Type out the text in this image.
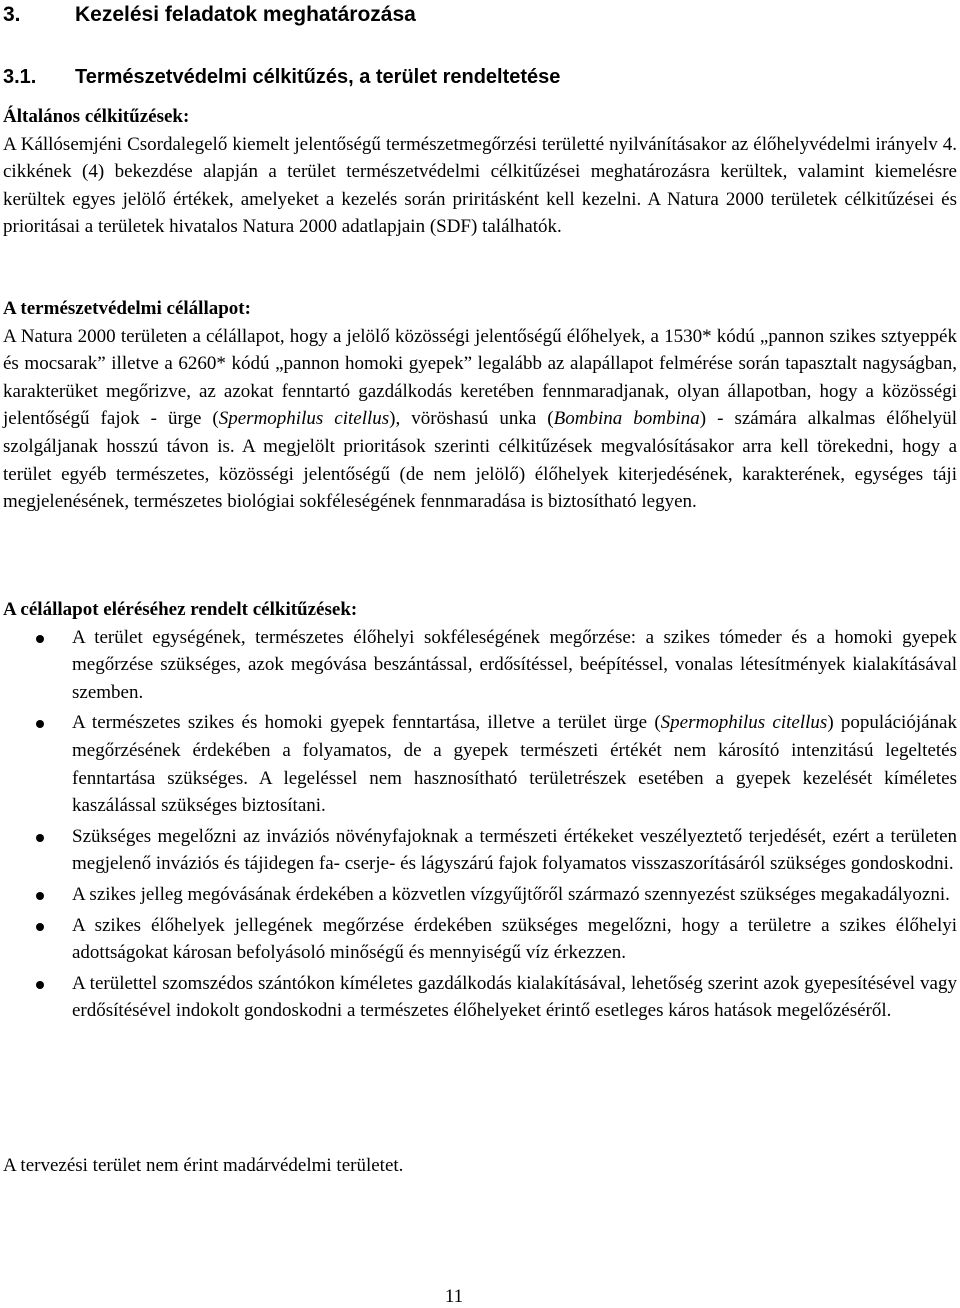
3.	Kezelési feladatok meghatározása
3.1. Természetvédelmi célkitűzés, a terület rendeltetése

Általános célkitűzések:

A Kállósemjéni Csordalegelő kiemelt jelentőségű természetmegőrzési területté nyilvánításakor az élőhelyvédelmi irányelv 4. cikkének (4) bekezdése alapján a terület természetvédelmi célkitűzései meghatározásra kerültek, valamint kiemelésre kerültek egyes jelölő értékek, amelyeket a kezelés során priritásként kell kezelni. A Natura 2000 területek célkitűzései és prioritásai a területek hivatalos Natura 2000 adatlapjain (SDF) találhatók.

A természetvédelmi célállapot:

A Natura 2000 területen a célállapot, hogy a jelölő közösségi jelentőségű élőhelyek, a 1530* kódú „pannon szikes sztyeppék és mocsarak” illetve a 6260* kódú „pannon homoki gyepek” legalább az alapállapot felmérése során tapasztalt nagyságban, karakterüket megőrizve, az azokat fenntartó gazdálkodás keretében fennmaradjanak, olyan állapotban, hogy a közösségi jelentőségű fajok - ürge (Spermophilus citellus), vöröshasú unka (Bombina bombina) - számára alkalmas élőhelyül szolgáljanak hosszú távon is. A megjelölt prioritások szerinti célkitűzések megvalósításakor arra kell törekedni, hogy a terület egyéb természetes, közösségi jelentőségű (de nem jelölő) élőhelyek kiterjedésének, karakterének, egységes táji megjelenésének, természetes biológiai sokféleségének fennmaradása is biztosítható legyen.

A célállapot eléréséhez rendelt célkitűzések:

A terület egységének, természetes élőhelyi sokféleségének megőrzése: a szikes tómeder és a homoki gyepek megőrzése szükséges, azok megóvása beszántással, erdősítéssel, beépítéssel, vonalas létesítmények kialakításával szemben.
A természetes szikes és homoki gyepek fenntartása, illetve a terület ürge (Spermophilus citellus) populációjának megőrzésének érdekében a folyamatos, de a gyepek természeti értékét nem károsító intenzitású legeltetés fenntartása szükséges. A legeléssel nem hasznosítható területrészek esetében a gyepek kezelését kíméletes kaszálással szükséges biztosítani.
Szükséges megelőzni az inváziós növényfajoknak a természeti értékeket veszélyeztető terjedését, ezért a területen megjelenő inváziós és tájidegen fa- cserje- és lágyszárú fajok folyamatos visszaszorításáról szükséges gondoskodni.
A szikes jelleg megóvásának érdekében a közvetlen vízgyűjtőről származó szennyezést szükséges megakadályozni.
A szikes élőhelyek jellegének megőrzése érdekében szükséges megelőzni, hogy a területre a szikes élőhelyi adottságokat károsan befolyásoló minőségű és mennyiségű víz érkezzen.
A területtel szomszédos szántókon kíméletes gazdálkodás kialakításával, lehetőség szerint azok gyepesítésével vagy erdősítésével indokolt gondoskodni a természetes élőhelyeket érintő esetleges káros hatások megelőzéséről.

A tervezési terület nem érint madárvédelmi területet.

11
